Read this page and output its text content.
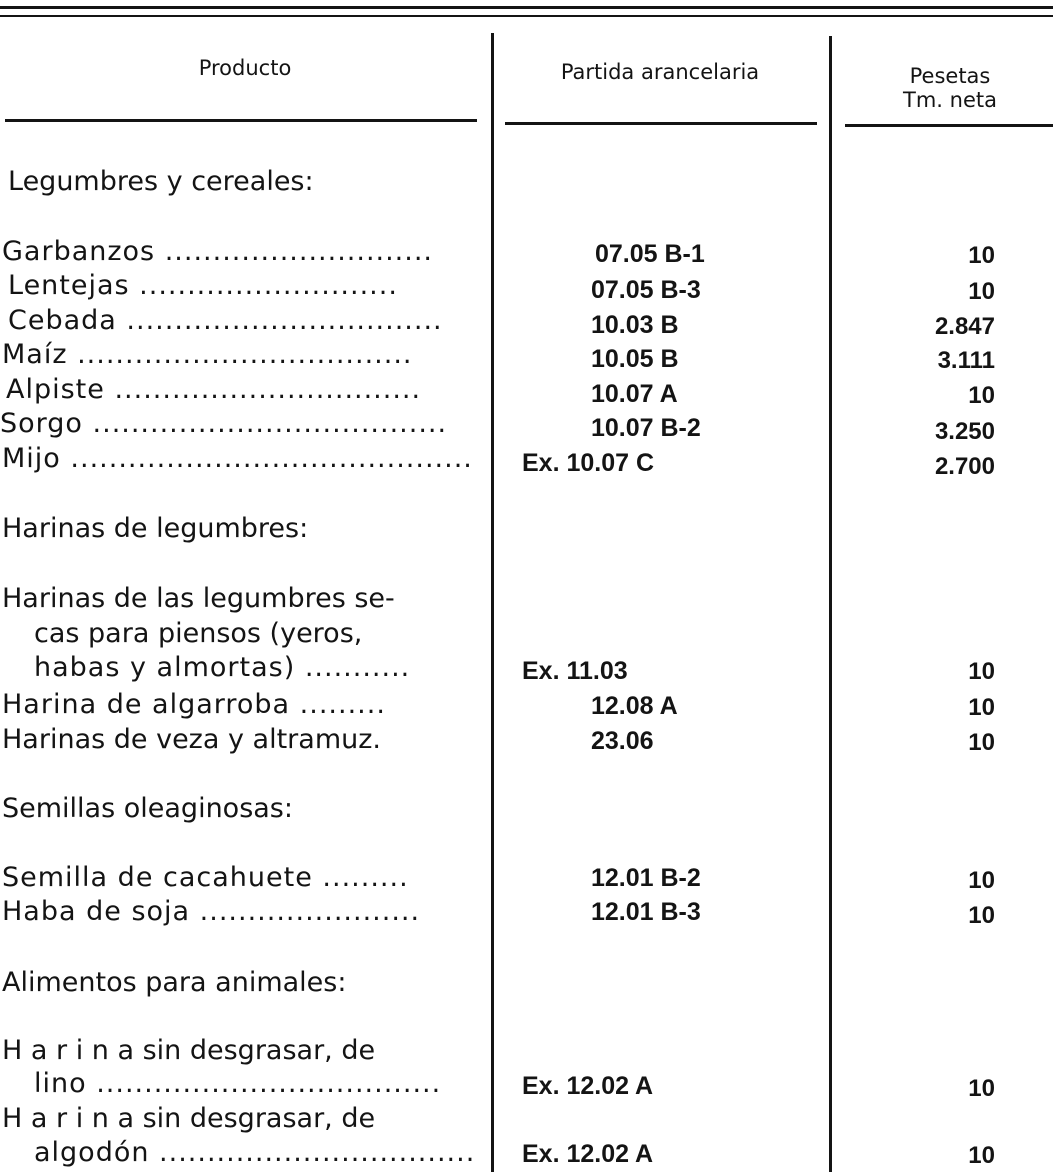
Producto	Partida arancelaria	Pesetas
Tm. neta
Legumbres y cereales:
Harinas de legumbres:
Semillas oleaginosas:
Alimentos para animales:
Garbanzos ............................	07.05 B-1	10
Lentejas ...........................	07.05 B-3	10
Cebada .................................	10.03 B	2.847
Maíz ...................................	10.05 B	3.111
Alpiste ................................	10.07 A	10
Sorgo .....................................	10.07 B-2	3.250
Mijo .......................................... Ex. 10.07 C	2.700
Harinas de las legumbres se-
cas para piensos (yeros,
habas y almortas) ...........	Ex. 11.03	10
Harina de algarroba .........	12.08 A	10
Harinas de veza y altramuz.	23.06	10
Semilla de cacahuete .........	12.01 B-2	10
Haba de soja .......................	12.01 B-3	10
H a r i n a sin desgrasar, de
lino ....................................	Ex. 12.02 A	10
H a r i n a sin desgrasar, de
algodón ................................. Ex. 12.02 A	10
